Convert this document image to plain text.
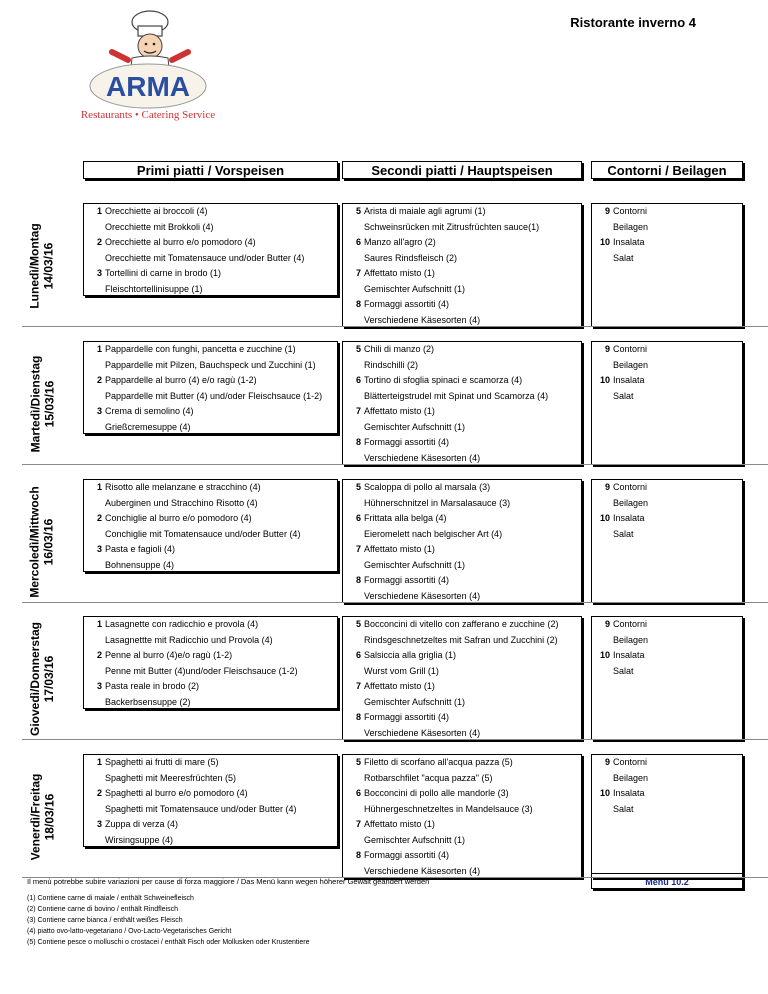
Ristorante inverno 4
ARMA
Restaurants • Catering Service
Primi piatti / Vorspeisen	Secondi piatti / Hauptspeisen	Contorni / Beilagen
Il menù potrebbe subire variazioni per cause di forza maggiore / Das Menü kann wegen höherer Gewalt geändert werden
(1) Contiene carne di maiale / enthält Schweinefleisch
(2) Contiene carne di bovino / enthält Rindfleisch
(3) Contiene carne bianca / enthält weißes Fleisch
(4) piatto ovo-latto-vegetariano / Ovo-Lacto-Vegetarisches Gericht
(5) Contiene pesce o molluschi o crostacei / enthält Fisch oder Mollusken oder Krustentiere
Menù 10.2
Lunedì/Montag 14/03/16
1 Orecchiette ai broccoli (4)
Orecchiette mit Brokkoli (4)
2 Orecchiette al burro e/o pomodoro (4)
Orecchiette mit Tomatensauce und/oder Butter (4)
3 Tortellini di carne in brodo (1)
Fleischtortellinisuppe (1)
5 Arista di maiale agli agrumi (1)
Schweinsrücken mit Zitrusfrüchten sauce(1)
6 Manzo all'agro (2)
Saures Rindsfleisch (2)
7 Affettato misto (1)
Gemischter Aufschnitt (1)
8 Formaggi assortiti (4)
Verschiedene Käsesorten (4)
9 Contorni
Beilagen
10 Insalata
Salat
Martedì/Dienstag 15/03/16
1 Pappardelle con funghi, pancetta e zucchine (1)
Pappardelle mit Pilzen, Bauchspeck und Zucchini (1)
2 Pappardelle al burro (4) e/o ragù (1-2)
Pappardelle mit Butter (4) und/oder Fleischsauce (1-2)
3 Crema di semolino (4)
Grießcremesuppe (4)
5 Chili di manzo (2)
Rindschilli (2)
6 Tortino di sfoglia spinaci e scamorza (4)
Blätterteigstrudel mit Spinat und Scamorza (4)
7 Affettato misto (1)
Gemischter Aufschnitt (1)
8 Formaggi assortiti (4)
Verschiedene Käsesorten (4)
9 Contorni
Beilagen
10 Insalata
Salat
Mercoledì/Mittwoch 16/03/16
1 Risotto alle melanzane e stracchino (4)
Auberginen und Stracchino Risotto (4)
2 Conchiglie al burro e/o pomodoro (4)
Conchiglie mit Tomatensauce und/oder Butter (4)
3 Pasta e fagioli (4)
Bohnensuppe (4)
5 Scaloppa di pollo al marsala (3)
Hühnerschnitzel in Marsalasauce (3)
6 Frittata alla belga (4)
Eieromelett nach belgischer Art (4)
7 Affettato misto (1)
Gemischter Aufschnitt (1)
8 Formaggi assortiti (4)
Verschiedene Käsesorten (4)
9 Contorni
Beilagen
10 Insalata
Salat
Giovedì/Donnerstag 17/03/16
1 Lasagnette con radicchio e provola (4)
Lasagnettte mit Radicchio und Provola (4)
2 Penne al burro (4)e/o ragù (1-2)
Penne mit Butter (4)und/oder Fleischsauce (1-2)
3 Pasta reale in brodo (2)
Backerbsensuppe (2)
5 Bocconcini di vitello con zafferano e zucchine (2)
Rindsgeschnetzeltes mit Safran und Zucchini (2)
6 Salsiccia alla griglia (1)
Wurst vom Grill (1)
7 Affettato misto (1)
Gemischter Aufschnitt (1)
8 Formaggi assortiti (4)
Verschiedene Käsesorten (4)
9 Contorni
Beilagen
10 Insalata
Salat
Venerdì/Freitag 18/03/16
1 Spaghetti ai frutti di mare (5)
Spaghetti mit Meeresfrüchten (5)
2 Spaghetti al burro e/o pomodoro (4)
Spaghetti mit Tomatensauce und/oder Butter (4)
3 Zuppa di verza (4)
Wirsingsuppe (4)
5 Filetto di scorfano all'acqua pazza (5)
Rotbarschfilet "acqua pazza" (5)
6 Bocconcini di pollo alle mandorle (3)
Hühnergeschnetzeltes in Mandelsauce (3)
7 Affettato misto (1)
Gemischter Aufschnitt (1)
8 Formaggi assortiti (4)
Verschiedene Käsesorten (4)
9 Contorni
Beilagen
10 Insalata
Salat
